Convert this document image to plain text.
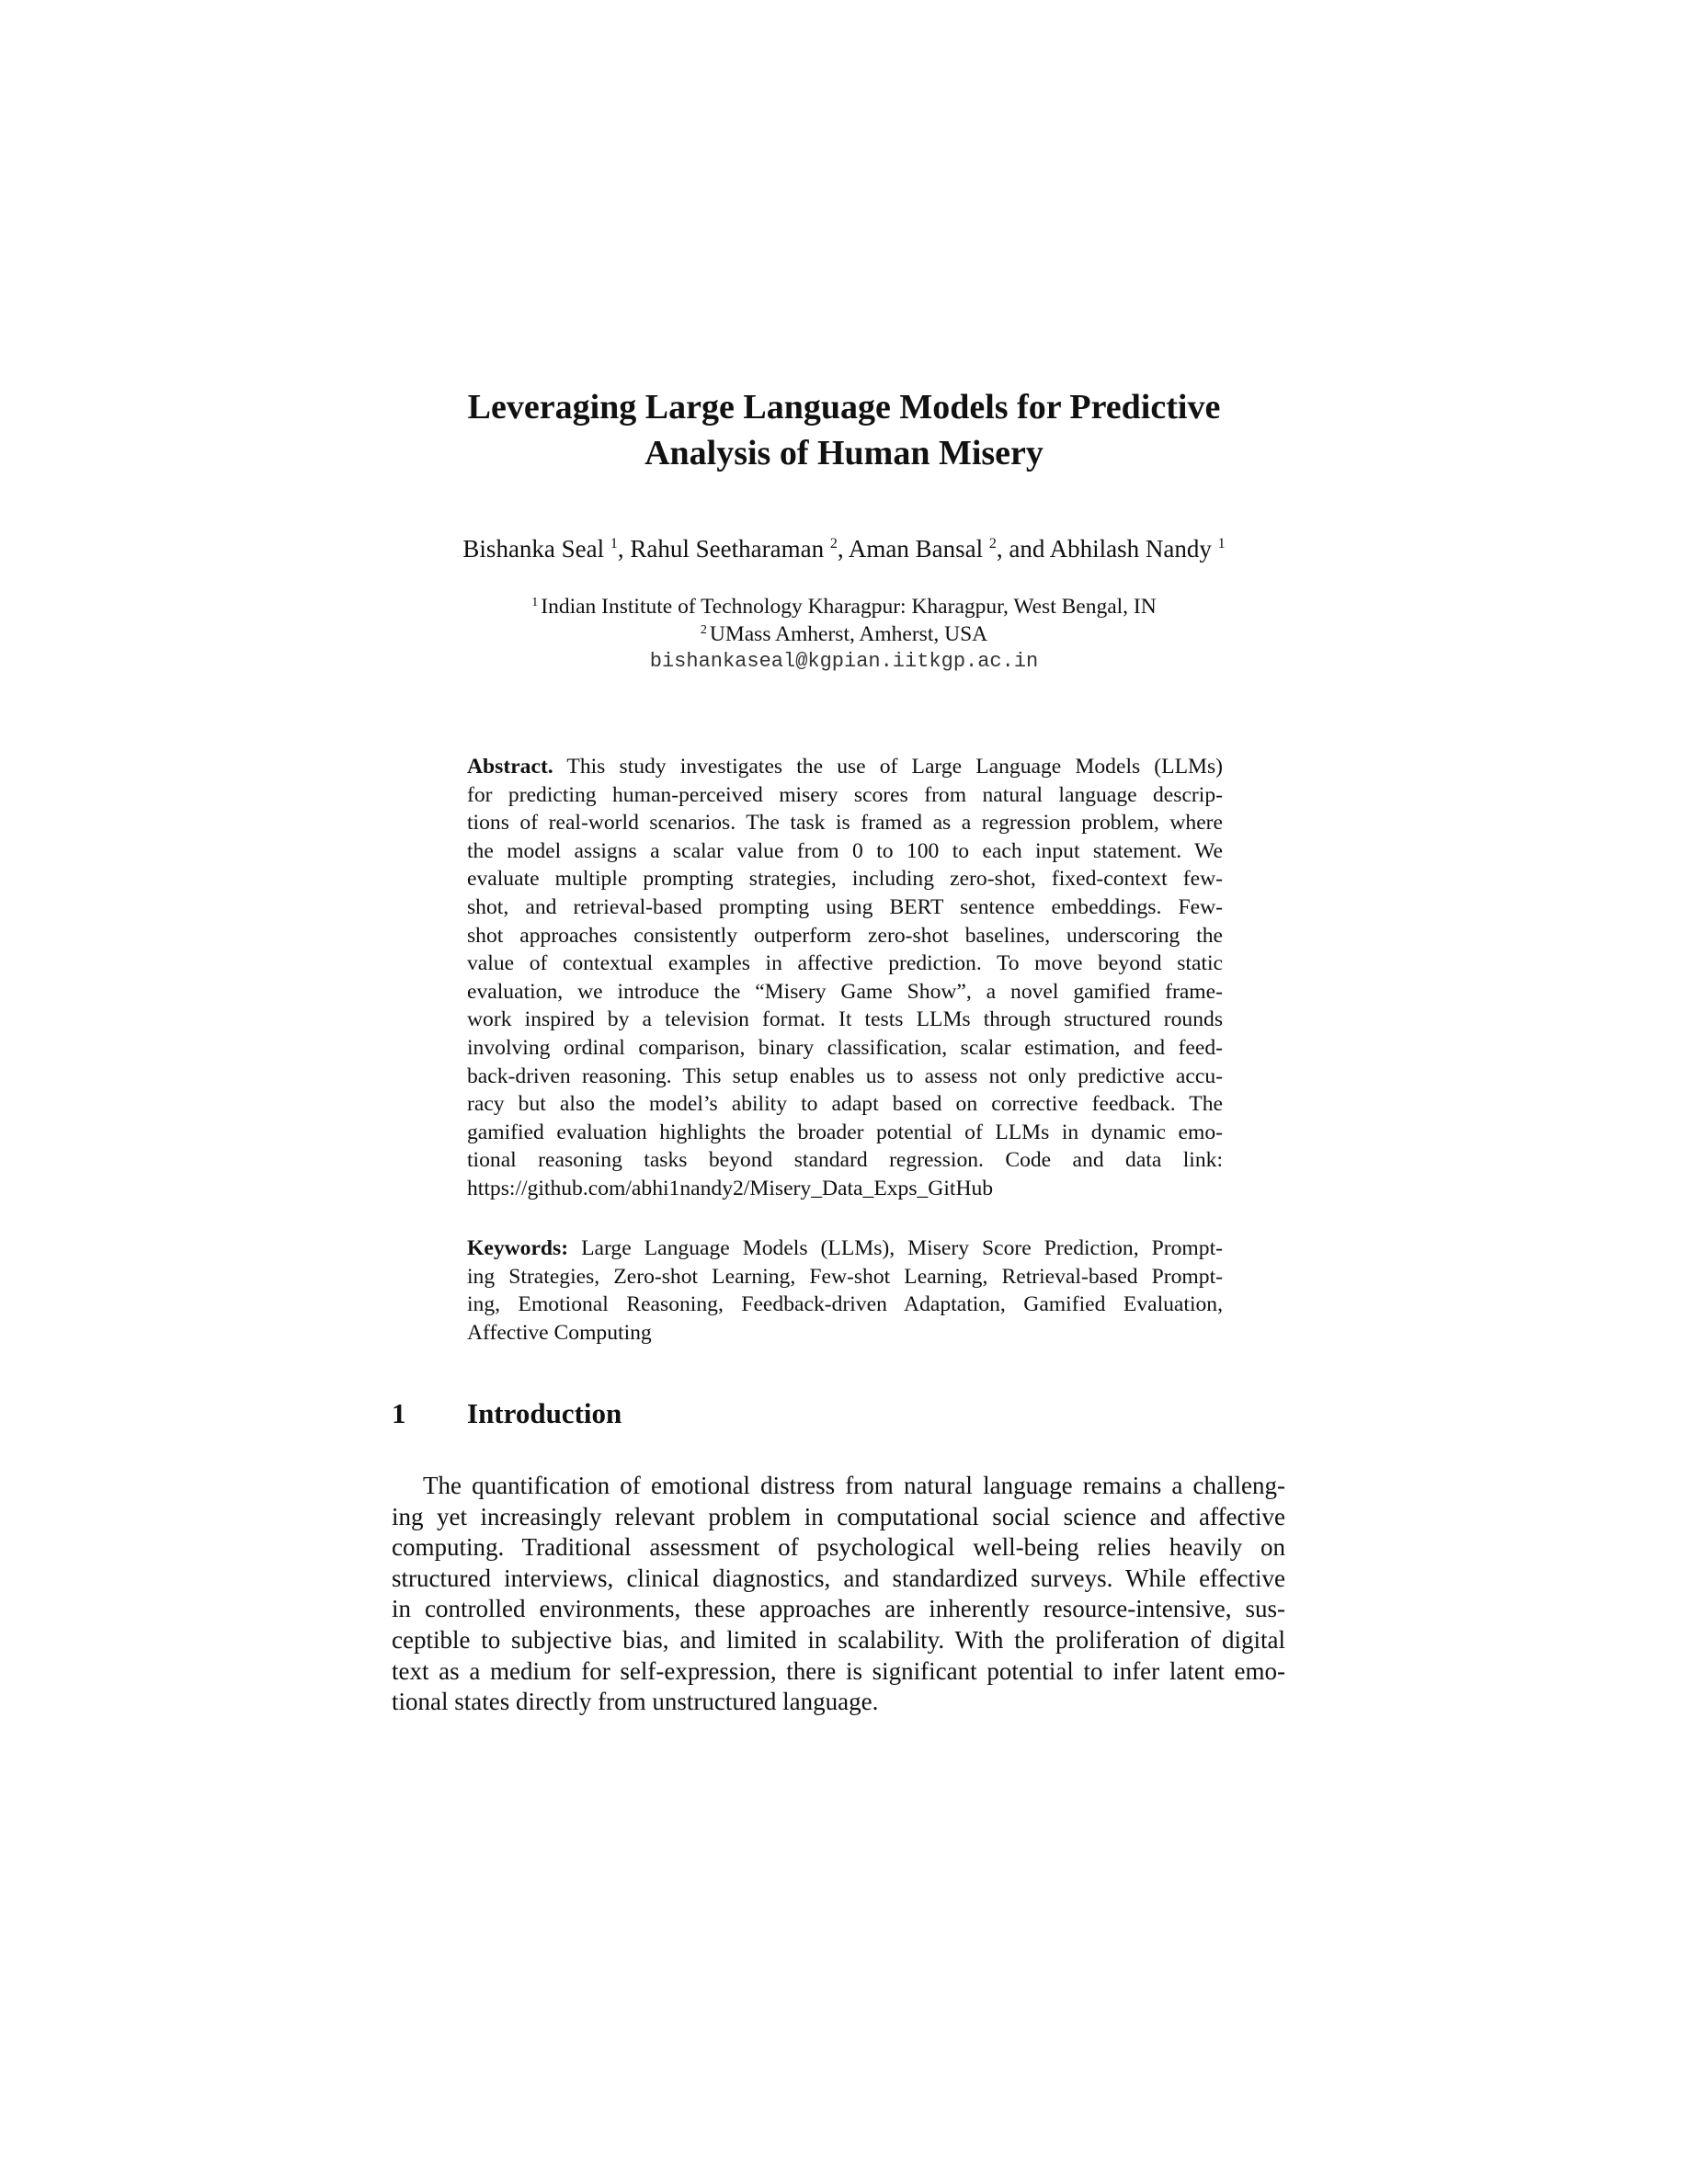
Leveraging Large Language Models for Predictive
Analysis of Human Misery

Bishanka Seal $^1$, Rahul Seetharaman $^2$, Aman Bansal $^2$, and Abhilash Nandy $^1$

$^1$ Indian Institute of Technology Kharagpur: Kharagpur, West Bengal, IN

$^2$ UMass Amherst, Amherst, USA

bishankaseal@kgpian.iitkgp.ac.in

Abstract. This study investigates the use of Large Language Models (LLMs)
for predicting human-perceived misery scores from natural language descrip-
tions of real-world scenarios. The task is framed as a regression problem, where
the model assigns a scalar value from 0 to 100 to each input statement. We
evaluate multiple prompting strategies, including zero-shot, fixed-context few-
shot, and retrieval-based prompting using BERT sentence embeddings. Few-
shot approaches consistently outperform zero-shot baselines, underscoring the
value of contextual examples in affective prediction. To move beyond static
evaluation, we introduce the “Misery Game Show”, a novel gamified frame-
work inspired by a television format. It tests LLMs through structured rounds
involving ordinal comparison, binary classification, scalar estimation, and feed-
back-driven reasoning. This setup enables us to assess not only predictive accu-
racy but also the model’s ability to adapt based on corrective feedback. The
gamified evaluation highlights the broader potential of LLMs in dynamic emo-
tional reasoning tasks beyond standard regression. Code and data link:
https://github.com/abhi1nandy2/Misery_Data_Exps_GitHub
Keywords: Large Language Models (LLMs), Misery Score Prediction, Prompt-
ing Strategies, Zero-shot Learning, Few-shot Learning, Retrieval-based Prompt-
ing, Emotional Reasoning, Feedback-driven Adaptation, Gamified Evaluation,
Affective Computing
1 Introduction
The quantification of emotional distress from natural language remains a challeng-
ing yet increasingly relevant problem in computational social science and affective
computing. Traditional assessment of psychological well-being relies heavily on
structured interviews, clinical diagnostics, and standardized surveys. While effective
in controlled environments, these approaches are inherently resource-intensive, sus-
ceptible to subjective bias, and limited in scalability. With the proliferation of digital
text as a medium for self-expression, there is significant potential to infer latent emo-
tional states directly from unstructured language.
